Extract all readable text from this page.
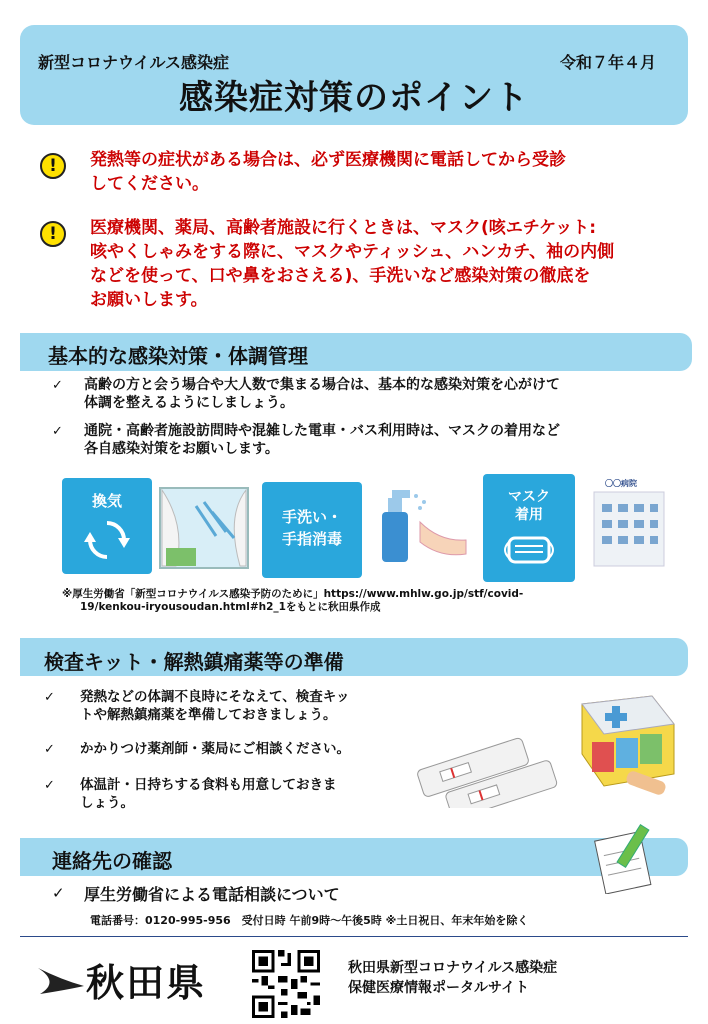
新型コロナウイルス感染症	令和７年４月
感染症対策のポイント
!	発熱等の症状がある場合は、必ず医療機関に電話してから受診
してください。
!	医療機関、薬局、高齢者施設に行くときは、マスク(咳エチケット:
咳やくしゃみをする際に、マスクやティッシュ、ハンカチ、袖の内側
などを使って、口や鼻をおさえる)、手洗いなど感染対策の徹底を
お願いします。
基本的な感染対策・体調管理
✓ 高齢の方と会う場合や大人数で集まる場合は、基本的な感染対策を心がけて
体調を整えるようにしましょう。
✓ 通院・高齢者施設訪問時や混雑した電車・バス利用時は、マスクの着用など
各自感染対策をお願いします。
換気
手洗い・
手指消毒
マスク
着用
〇〇病院
※厚生労働省「新型コロナウイルス感染予防のために」https://www.mhlw.go.jp/stf/covid-
19/kenkou-iryousoudan.html#h2_1をもとに秋田県作成
検査キット・解熱鎮痛薬等の準備
✓ 発熱などの体調不良時にそなえて、検査キッ
トや解熱鎮痛薬を準備しておきましょう。
✓ かかりつけ薬剤師・薬局にご相談ください。
✓ 体温計・日持ちする食料も用意しておきま
しょう。
連絡先の確認
✓ 厚生労働省による電話相談について
電話番号：0120-995-956　受付日時 午前9時〜午後5時 ※土日祝日、年末年始を除く
秋田県	秋田県新型コロナウイルス感染症
保健医療情報ポータルサイト
